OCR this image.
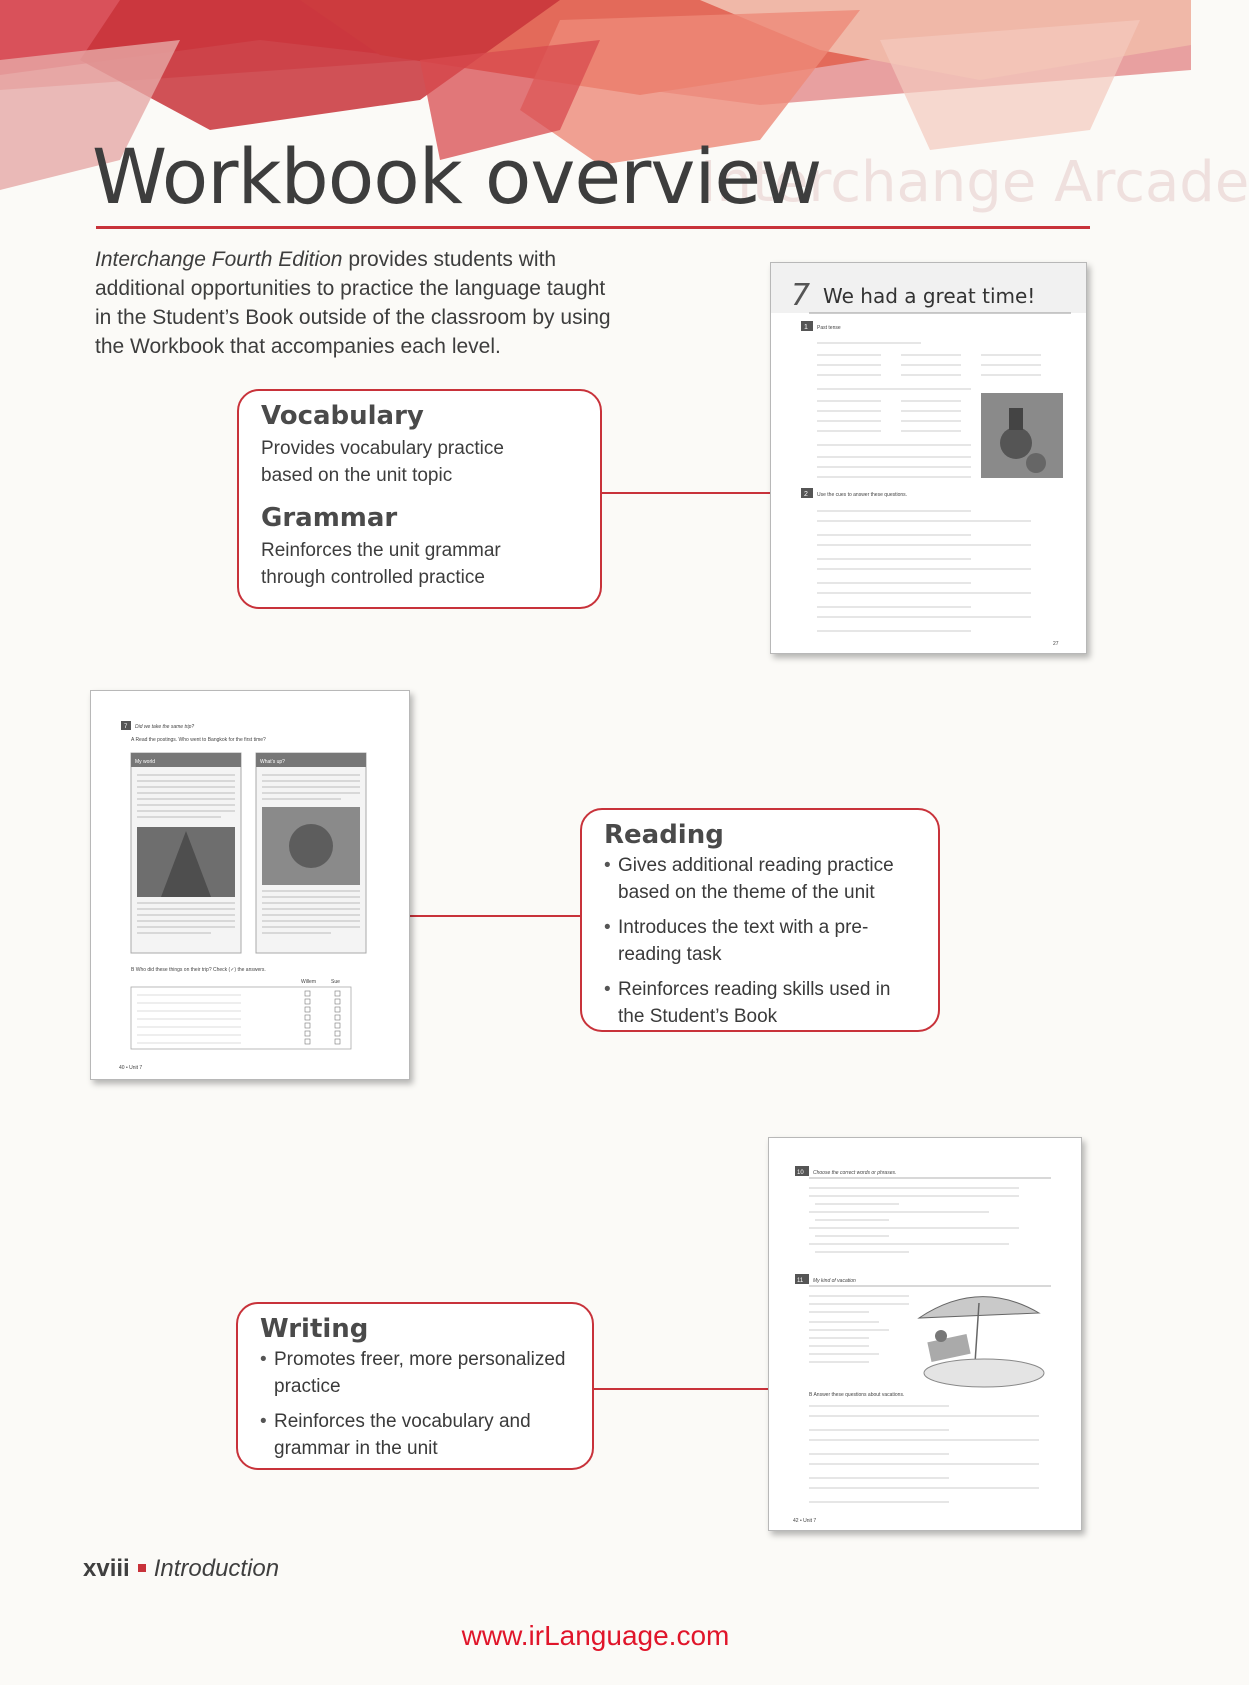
Workbook overview
Interchange Fourth Edition provides students with
additional opportunities to practice the language taught
in the Student’s Book outside of the classroom by using
the Workbook that accompanies each level.
Vocabulary

Provides vocabulary practice
based on the unit topic

Grammar

Reinforces the unit grammar
through controlled practice

7 We had a great time!
1 Past tense
2 Use the cues to answer these questions.
27
7 Did we take the same trip?
A Read the postings. Who went to Bangkok for the first time?
My world	What’s up?
B Who did these things on their trip? Check (✓) the answers.
Willem	Sue
40 • Unit 7
Reading
• Gives additional reading practice
based on the theme of the unit
• Introduces the text with a pre-
reading task
• Reinforces reading skills used in
the Student’s Book
10 Choose the correct words or phrases.
11 My kind of vacation
B Answer these questions about vacations.
42 • Unit 7
Writing
• Promotes freer, more personalized
practice
• Reinforces the vocabulary and
grammar in the unit
xviii Introduction
www.irLanguage.com
